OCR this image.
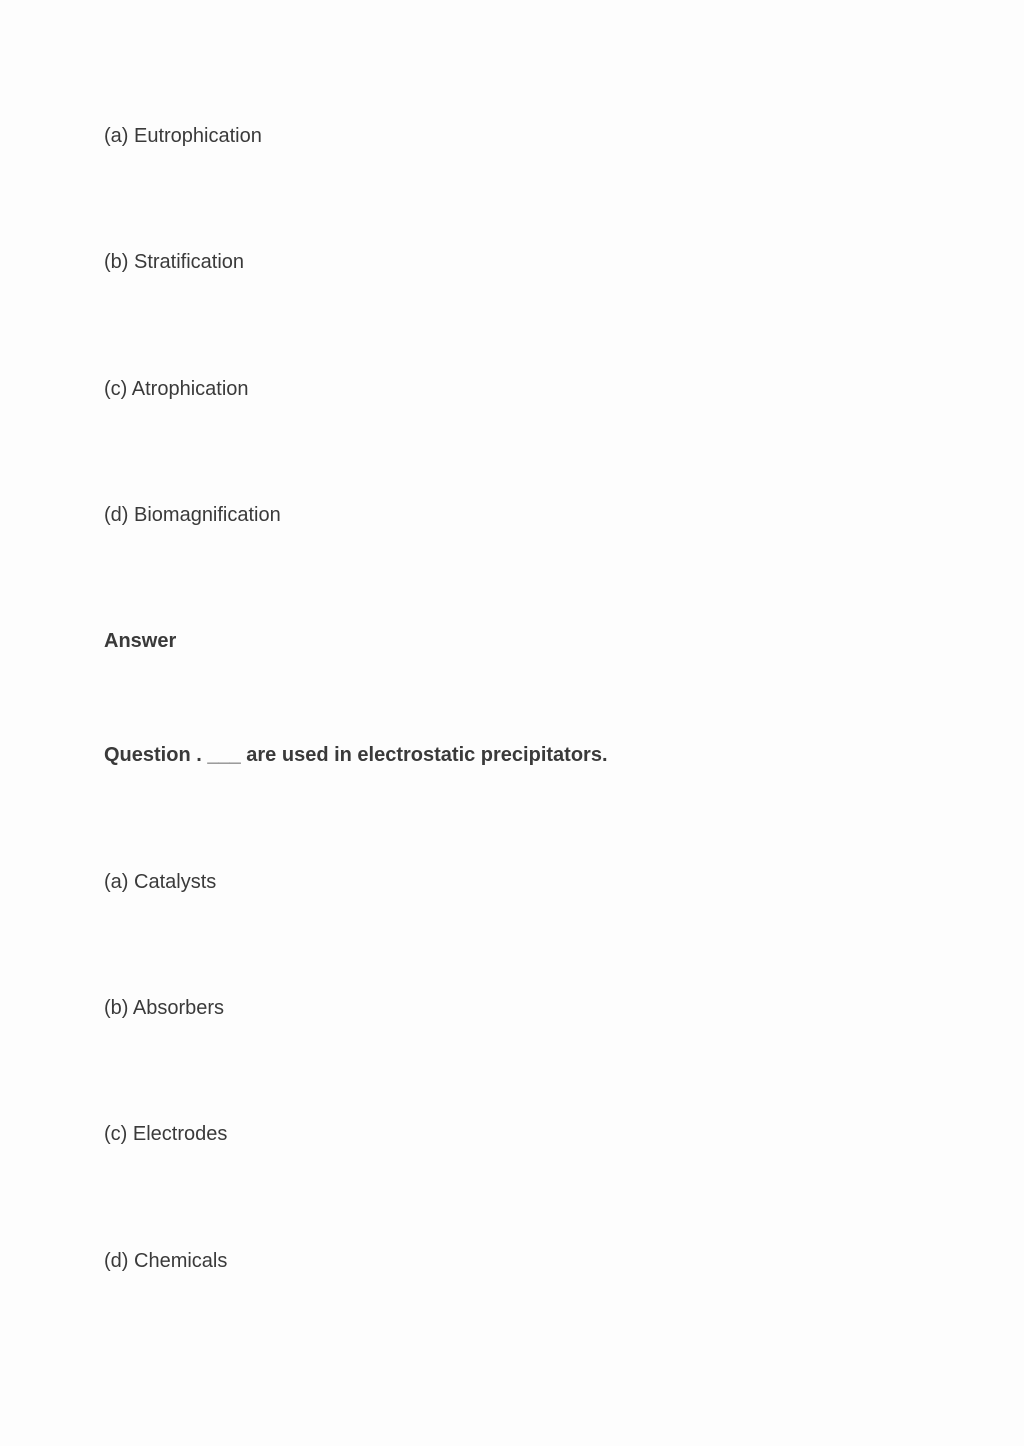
(a) Eutrophication

(b) Stratification

(c) Atrophication

(d) Biomagnification

Answer

Question . ___ are used in electrostatic precipitators.

(a) Catalysts

(b) Absorbers

(c) Electrodes

(d) Chemicals
